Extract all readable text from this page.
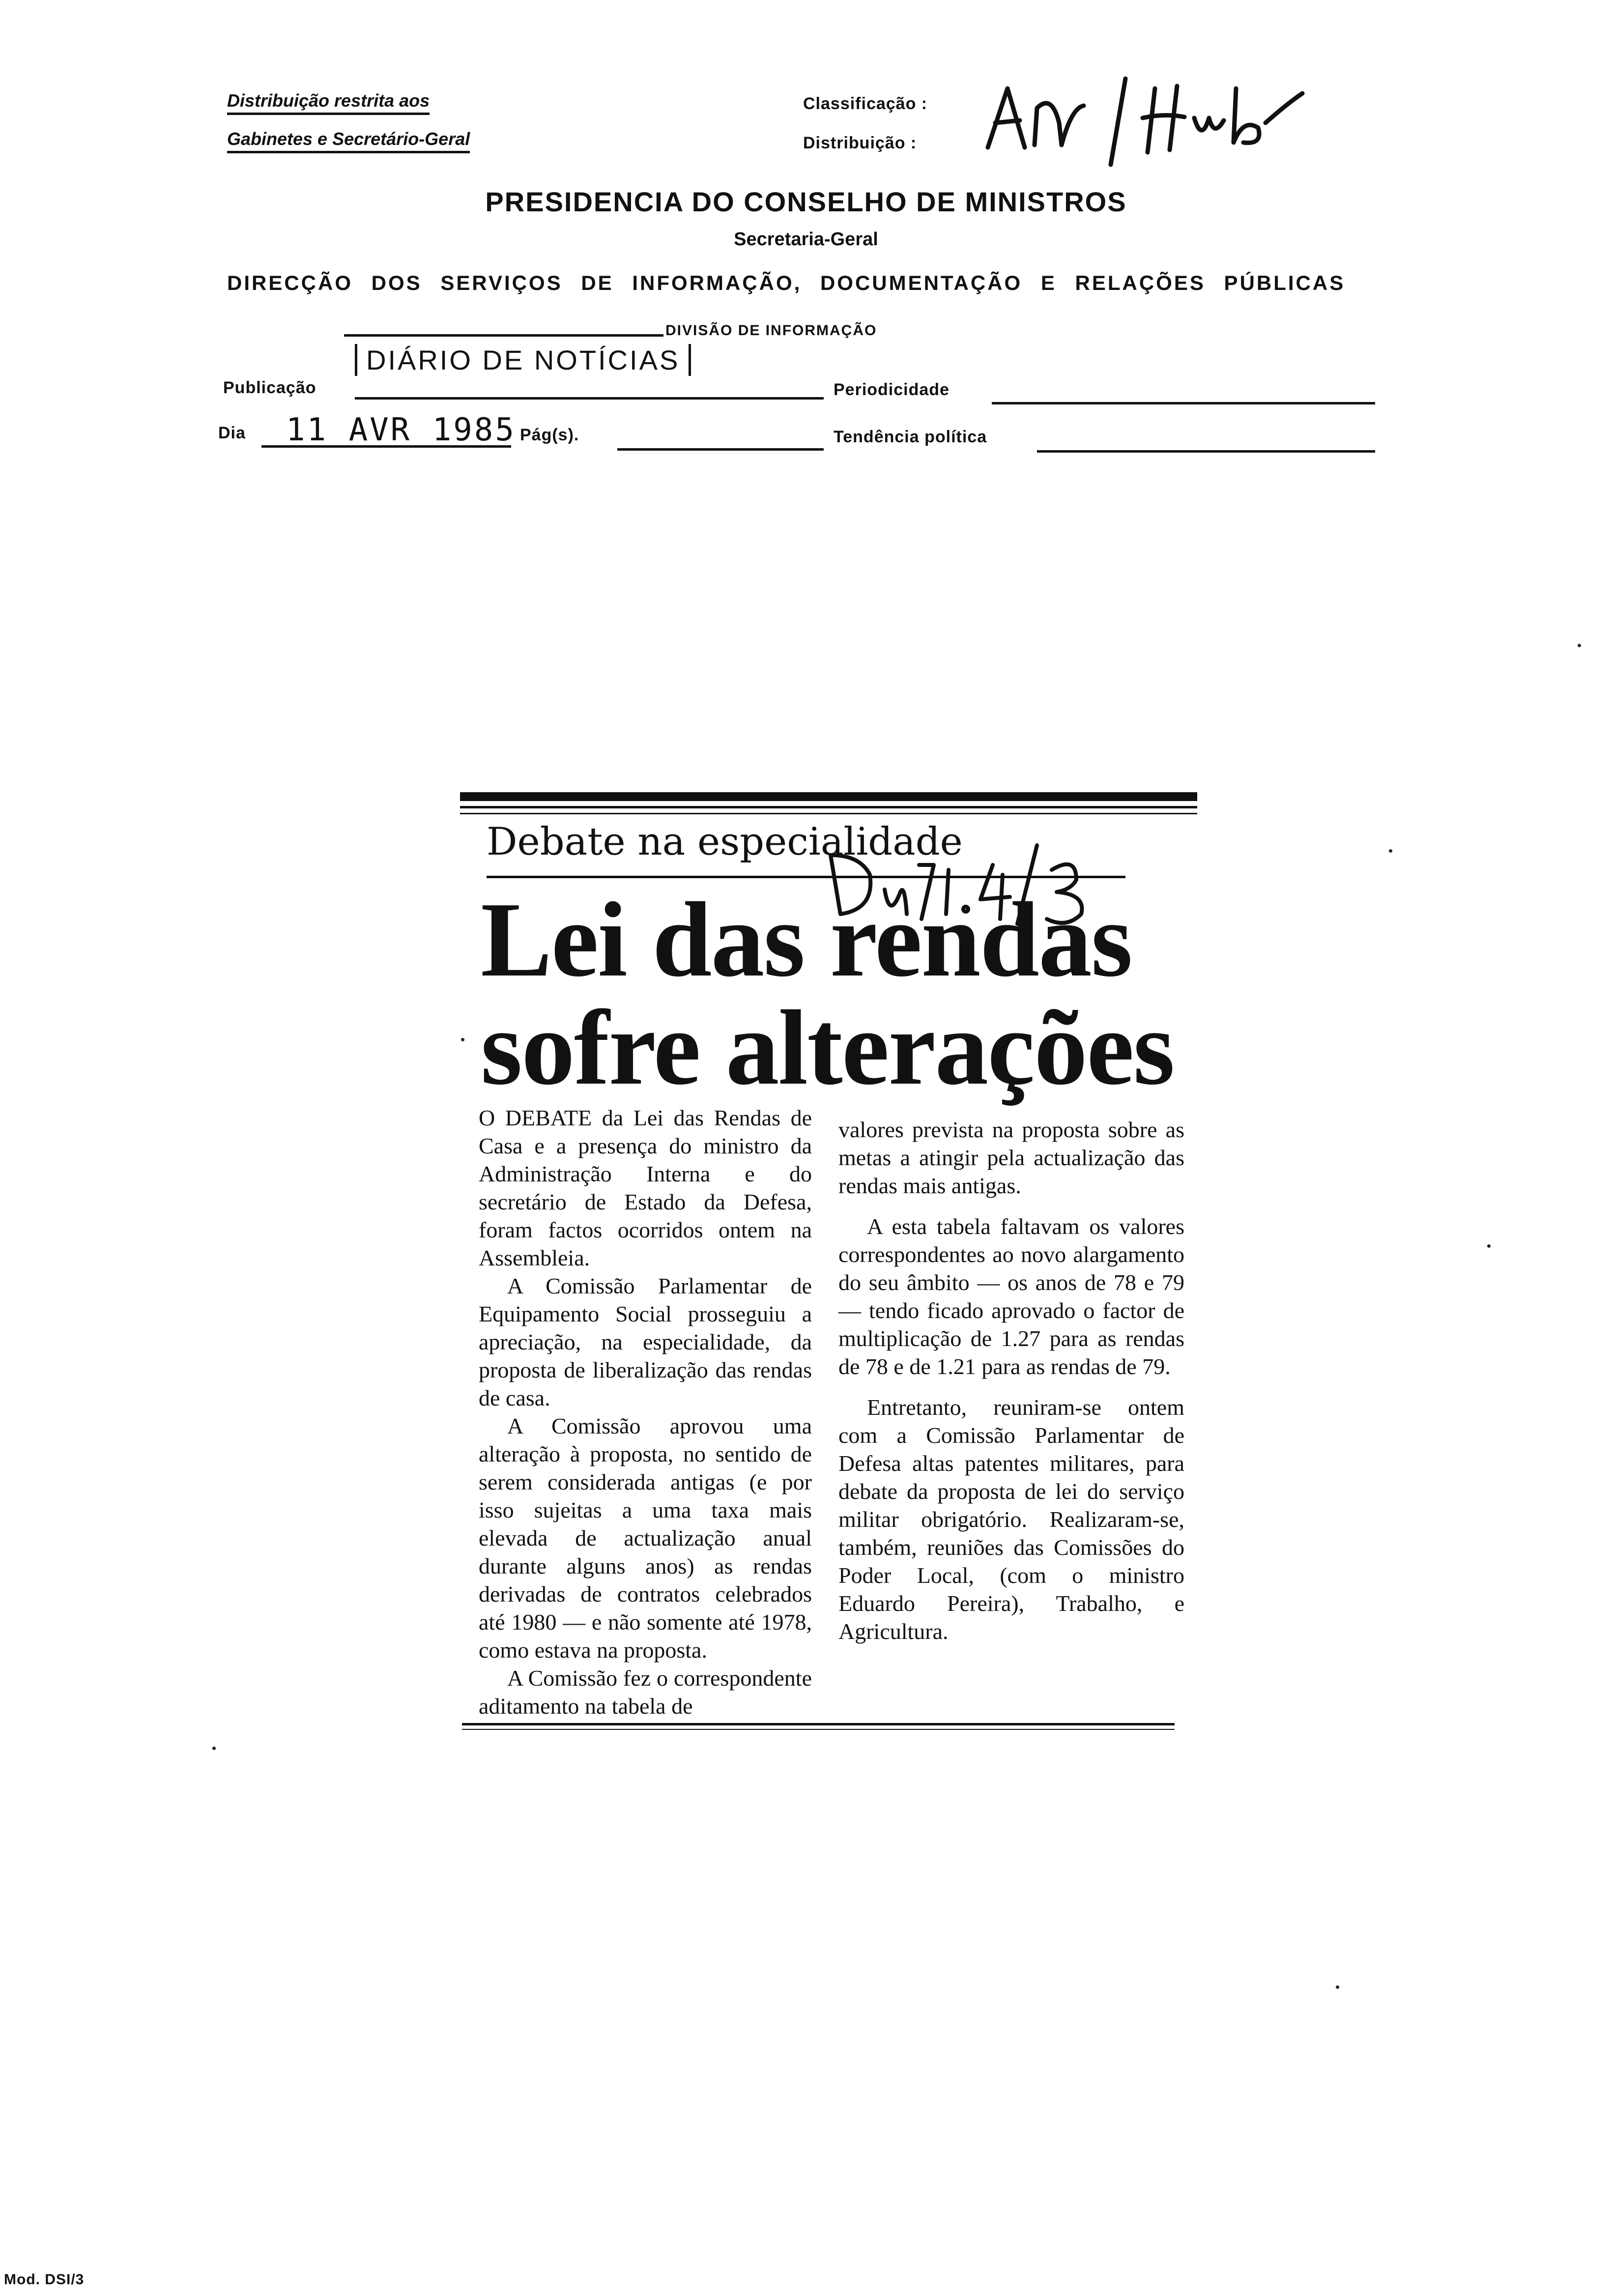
Distribuição restrita aos
Gabinetes e Secretário-Geral
Classificação :
Distribuição :
PRESIDENCIA DO CONSELHO DE MINISTROS
Secretaria-Geral
DIRECÇÃO DOS SERVIÇOS DE INFORMAÇÃO, DOCUMENTAÇÃO E RELAÇÕES PÚBLICAS
DIVISÃO DE INFORMAÇÃO
Publicação
DIÁRIO DE NOTÍCIAS
Periodicidade
Dia 11 AVR 1985 Pág(s).	Tendência política
Debate na especialidade
Lei das rendas
sofre alterações

O DEBATE da Lei das Rendas de Casa e a presença do ministro da Administração Interna e do secretário de Estado da Defesa, foram factos ocorridos ontem na Assembleia.

A Comissão Parlamentar de Equipamento Social prosseguiu a apreciação, na especialidade, da proposta de liberalização das rendas de casa.

A Comissão aprovou uma alteração à proposta, no sentido de serem considerada antigas (e por isso sujeitas a uma taxa mais elevada de actualização anual durante alguns anos) as rendas derivadas de contratos celebrados até 1980 — e não somente até 1978, como estava na proposta.

A Comissão fez o correspondente aditamento na tabela de

valores prevista na proposta sobre as metas a atingir pela actualização das rendas mais antigas.

A esta tabela faltavam os valores correspondentes ao novo alargamento do seu âmbito — os anos de 78 e 79 — tendo ficado aprovado o factor de multiplicação de 1.27 para as rendas de 78 e de 1.21 para as rendas de 79.

Entretanto, reuniram-se ontem com a Comissão Parlamentar de Defesa altas patentes militares, para debate da proposta de lei do serviço militar obrigatório. Realizaram-se, também, reuniões das Comissões do Poder Local, (com o ministro Eduardo Pereira), Trabalho, e Agricultura.

Mod. DSI/3
